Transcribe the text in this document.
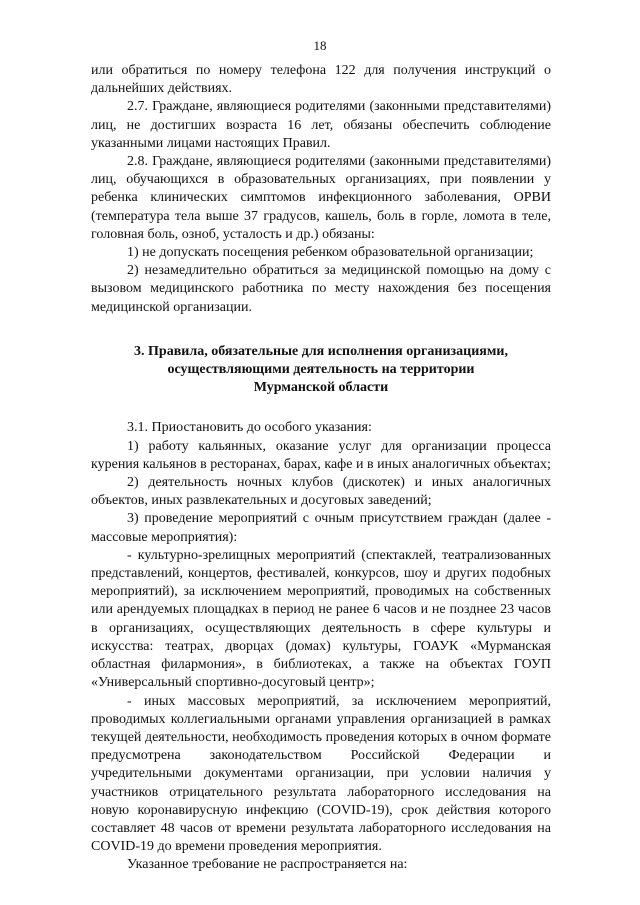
18

или обратиться по номеру телефона 122 для получения инструкций о дальнейших действиях.

2.7. Граждане, являющиеся родителями (законными представителями) лиц, не достигших возраста 16 лет, обязаны обеспечить соблюдение указанными лицами настоящих Правил.

2.8. Граждане, являющиеся родителями (законными представителями) лиц, обучающихся в образовательных организациях, при появлении у ребенка клинических симптомов инфекционного заболевания, ОРВИ (температура тела выше 37 градусов, кашель, боль в горле, ломота в теле, головная боль, озноб, усталость и др.) обязаны:

1) не допускать посещения ребенком образовательной организации;

2) незамедлительно обратиться за медицинской помощью на дому с вызовом медицинского работника по месту нахождения без посещения медицинской организации.

3. Правила, обязательные для исполнения организациями,
осуществляющими деятельность на территории
Мурманской области

3.1. Приостановить до особого указания:

1) работу кальянных, оказание услуг для организации процесса курения кальянов в ресторанах, барах, кафе и в иных аналогичных объектах;

2) деятельность ночных клубов (дискотек) и иных аналогичных объектов, иных развлекательных и досуговых заведений;

3) проведение мероприятий с очным присутствием граждан (далее - массовые мероприятия):

- культурно-зрелищных мероприятий (спектаклей, театрализованных представлений, концертов, фестивалей, конкурсов, шоу и других подобных мероприятий), за исключением мероприятий, проводимых на собственных или арендуемых площадках в период не ранее 6 часов и не позднее 23 часов в организациях, осуществляющих деятельность в сфере культуры и искусства: театрах, дворцах (домах) культуры, ГОАУК «Мурманская областная филармония», в библиотеках, а также на объектах ГОУП «Универсальный спортивно-досуговый центр»;

- иных массовых мероприятий, за исключением мероприятий, проводимых коллегиальными органами управления организацией в рамках текущей деятельности, необходимость проведения которых в очном формате предусмотрена законодательством Российской Федерации и учредительными документами организации, при условии наличия у участников отрицательного результата лабораторного исследования на новую коронавирусную инфекцию (COVID-19), срок действия которого составляет 48 часов от времени результата лабораторного исследования на COVID-19 до времени проведения мероприятия.

Указанное требование не распространяется на:
